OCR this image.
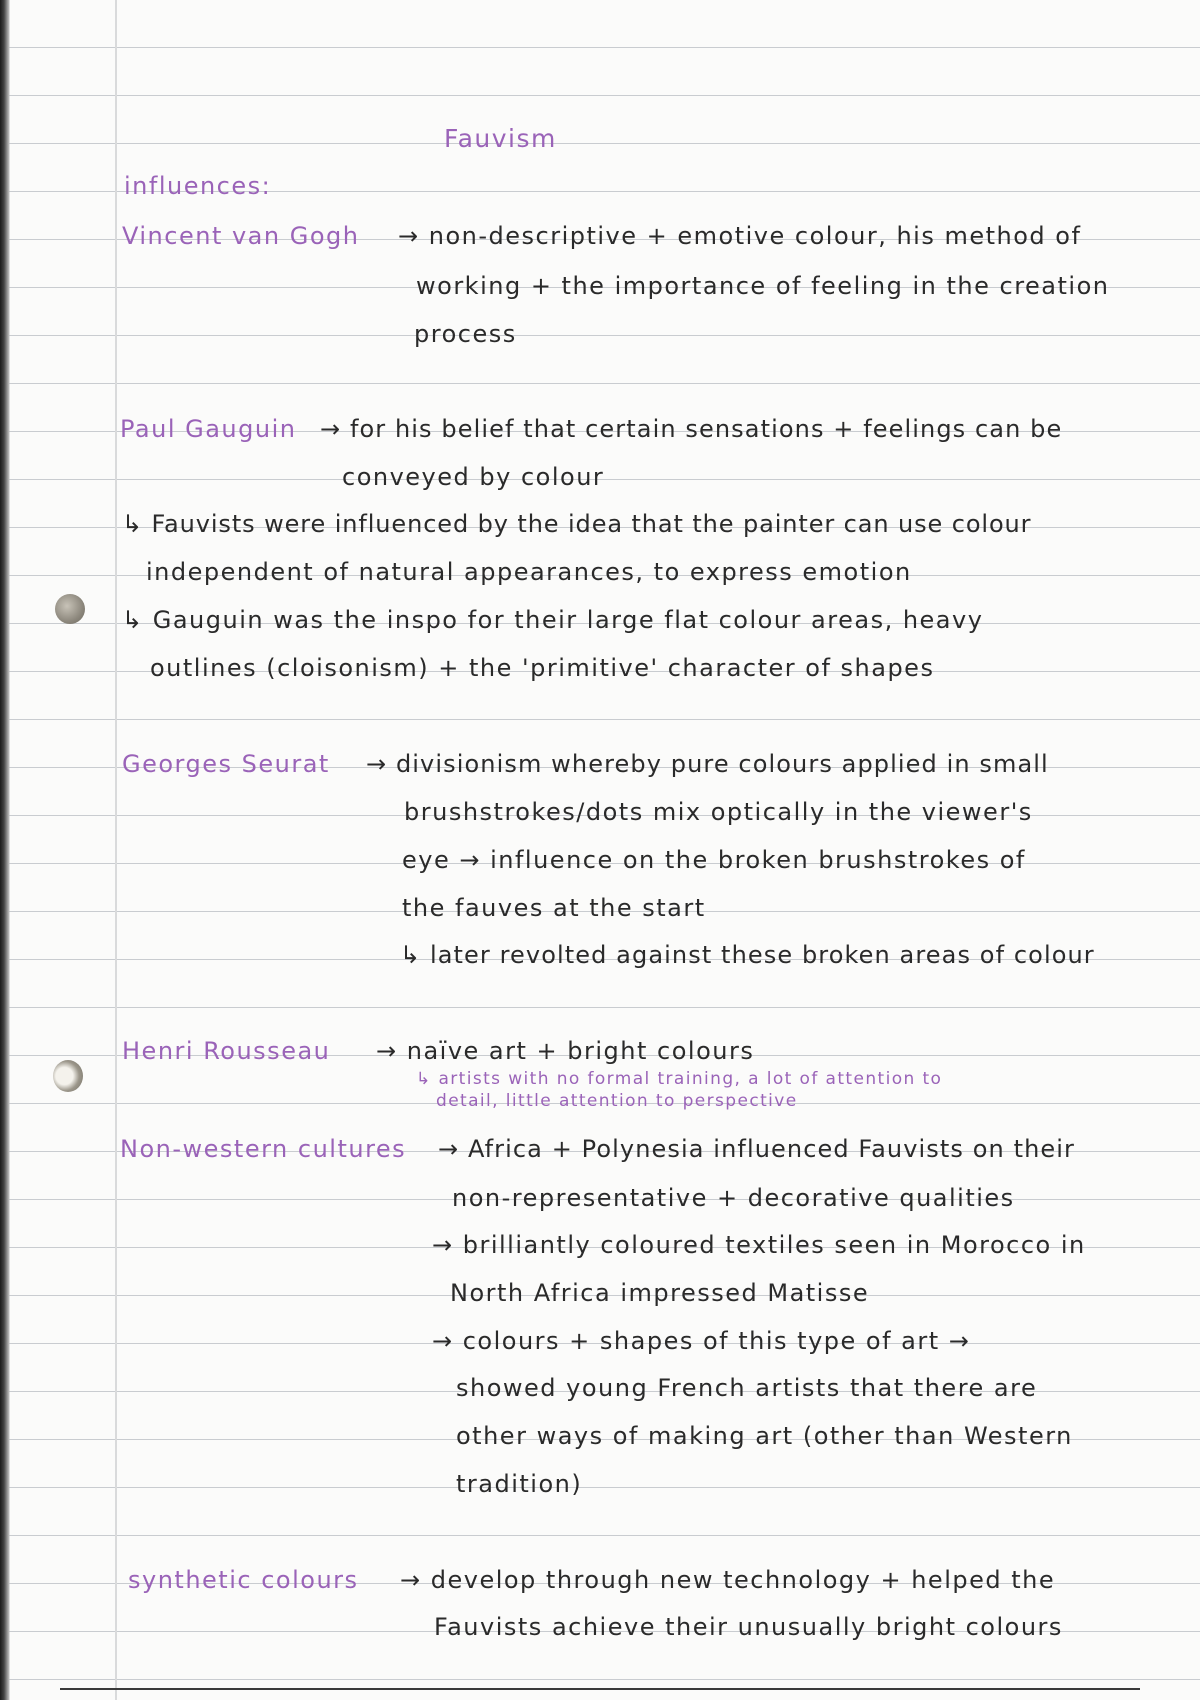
Fauvism

influences:

Vincent van Gogh → non-descriptive + emotive colour, his method of

working + the importance of feeling in the creation

process

Paul Gauguin → for his belief that certain sensations + feelings can be

conveyed by colour

↳ Fauvists were influenced by the idea that the painter can use colour

independent of natural appearances, to express emotion

↳ Gauguin was the inspo for their large flat colour areas, heavy

outlines (cloisonism) + the 'primitive' character of shapes

Georges Seurat → divisionism whereby pure colours applied in small

brushstrokes/dots mix optically in the viewer's

eye → influence on the broken brushstrokes of

the fauves at the start

↳ later revolted against these broken areas of colour

Henri Rousseau → naïve art + bright colours

↳ artists with no formal training, a lot of attention to

detail, little attention to perspective

Non-western cultures → Africa + Polynesia influenced Fauvists on their

non-representative + decorative qualities

→ brilliantly coloured textiles seen in Morocco in

North Africa impressed Matisse

→ colours + shapes of this type of art →

showed young French artists that there are

other ways of making art (other than Western

tradition)

synthetic colours → develop through new technology + helped the

Fauvists achieve their unusually bright colours
